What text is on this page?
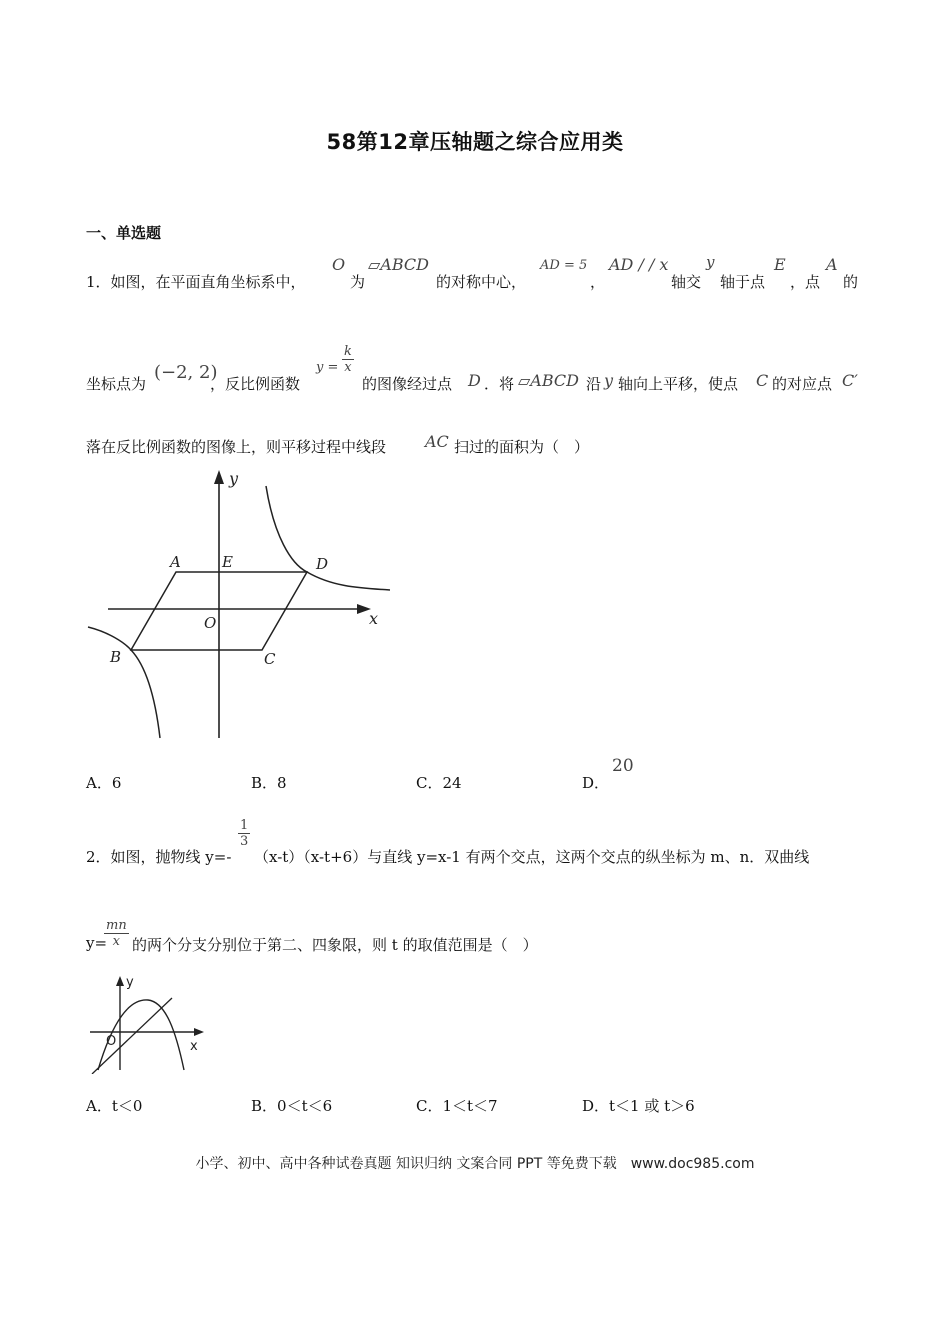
58第12章压轴题之综合应用类
一、单选题
1．如图，在平面直角坐标系中，
O
为
▱ABCD
的对称中心，
AD = 5
，
AD / / x
轴交
y
轴于点
E
，点
A
的
坐标点为
(−2, 2)
，反比例函数
$y = \frac{k}{x}$
的图像经过点 D ．将 ▱ABCD 沿 y 轴向上平移，使点 C 的对应点 C′
落在反比例函数的图像上，则平移过程中线段 AC 扫过的面积为（　）
y
x
A	E	D
O
B	C
A．6	B．8	C．24	D．
20
2．如图，抛物线 y=-
$\frac{1}{3}$
（x-t）（x-t+6）与直线 y=x-1 有两个交点，这两个交点的纵坐标为 m、n．双曲线
y=
$\frac{mn}{x}$ 的两个分支分别位于第二、四象限，则 t 的取值范围是（　）
y
x
O
A．t＜0	B．0＜t＜6	C．1＜t＜7	D．t＜1 或 t＞6
小学、初中、高中各种试卷真题 知识归纳 文案合同 PPT 等免费下载　www.doc985.com
